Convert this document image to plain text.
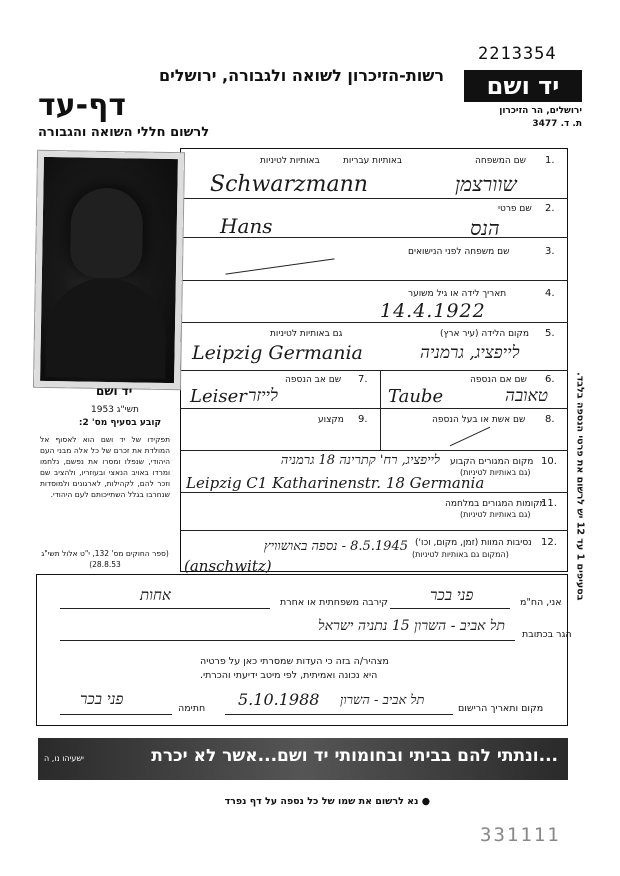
2213354
רשות-הזיכרון לשואה ולגבורה, ירושלים
דף-עד
לרשום חללי השואה והגבורה
יד ושם
ירושלים, הר הזיכרון
ת. ד. 3477
בסעיפים 1 עד 12 יש לרשום את פרטי הנספה בלבד.
באותיות לטיניות	באותיות עבריות	1.
שם המשפחה
Schwarzmann	שוורצמן
2.
שם פרטי
Hans	הנס
3.
שם משפחה לפני הנישואים
4.
תאריך לידה או גיל משוער
14.4.1922
5.
מקום הלידה (עיר ארץ)
גם באותיות לטיניות
Leipzig Germania	לייפציג, גרמניה
6.
שם אם הנספה
Taube	טאובה
7.
שם אב הנספה
Leiser לייזר
8.
שם אשת או בעל הנספה
9.
מקצוע
10.
מקום המגורים הקבוע
(גם באותיות לטיניות)
לייפציג, רח' קתרינה 18 גרמניה
Leipzig C1 Katharinenstr. 18 Germania
11.
מקומות המגורים במלחמה
(גם באותיות לטיניות)
12.
נסיבות המוות (זמן, מקום, וכו')
(המקום גם באותיות לטיניות)
8.5.1945 - נספה באושוויץ
(anschwitz)
יד ושם
תשי"ג 1953
קובע בסעיף מס' 2:
תפקידו של יד ושם הוא לאסוף אל המולדת את זכרם של כל אלה מבני העם היהודי, שנפלו ומסרו את נפשם, נלחמו ומרדו באויב הנאצי ובעוזריו, ולהציב שם וזכר להם, לקהילות, לארגונים ולמוסדות שנחרבו בגלל השתייכותם לעם היהודי.
(ספר החוקים מס' 132, י"ט אלול תשי"ג 28.8.53)
אני, הח"מ
פני בכר
קירבה משפחתית או אחרת
אחות
הגר בכתובת
תל אביב - השרון 15 נתניה ישראל
מצהיר/ה בזה כי העדות שמסרתי כאן על פרטיה
היא נכונה ואמיתית, לפי מיטב ידיעתי והכרתי.
מקום ותאריך הרישום
תל אביב - השרון
5.10.1988
חתימה
פני בכר
...ונתתי להם בביתי ובחומותי יד ושם...אשר לא יכרת
ישעיהו נו, ה
● נא לרשום את שמו של כל נספה על דף נפרד
331111
